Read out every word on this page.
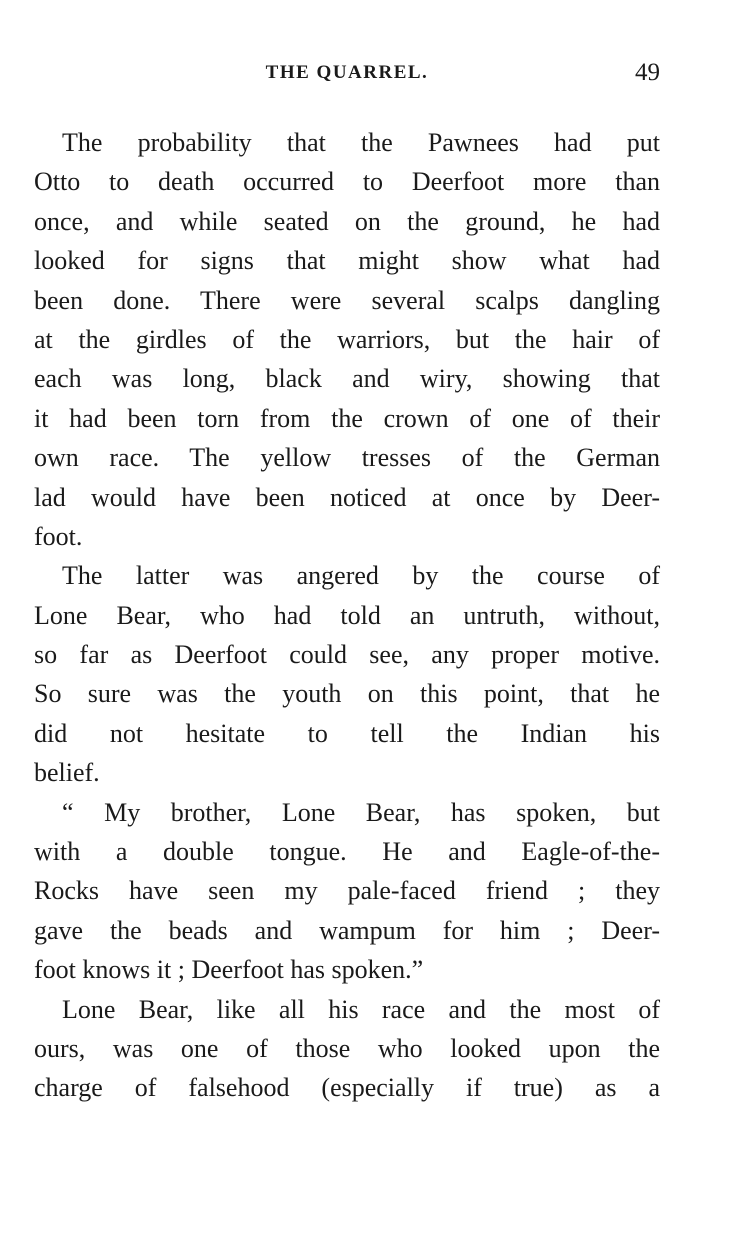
THE QUARREL.	49
The probability that the Pawnees had put
Otto to death occurred to Deerfoot more than
once, and while seated on the ground, he had
looked for signs that might show what had
been done. There were several scalps dangling
at the girdles of the warriors, but the hair of
each was long, black and wiry, showing that
it had been torn from the crown of one of their
own race. The yellow tresses of the German
lad would have been noticed at once by Deer-
foot.
The latter was angered by the course of
Lone Bear, who had told an untruth, without,
so far as Deerfoot could see, any proper motive.
So sure was the youth on this point, that he
did not hesitate to tell the Indian his
belief.
“ My brother, Lone Bear, has spoken, but
with a double tongue. He and Eagle-of-the-
Rocks have seen my pale-faced friend ; they
gave the beads and wampum for him ; Deer-
foot knows it ; Deerfoot has spoken.”
Lone Bear, like all his race and the most of
ours, was one of those who looked upon the
charge of falsehood (especially if true) as a
